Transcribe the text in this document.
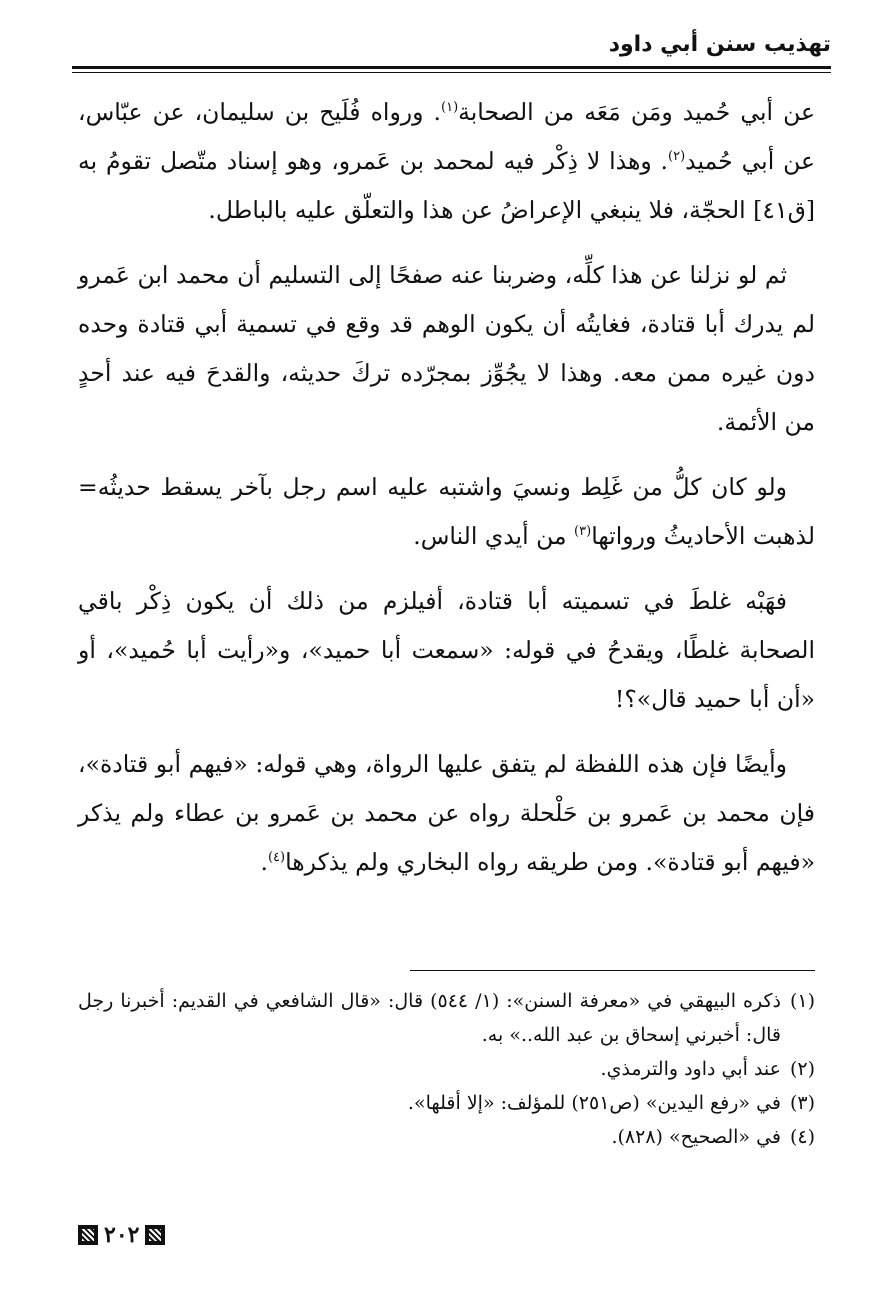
تهذيب سنن أبي داود

عن أبي حُميد ومَن مَعَه من الصحابة$^{(١)}$. ورواه فُلَيح بن سليمان، عن عبّاس، عن أبي حُميد$^{(٢)}$. وهذا لا ذِكْر فيه لمحمد بن عَمرو، وهو إسناد متّصل تقومُ به [ق٤١] الحجّة، فلا ينبغي الإعراضُ عن هذا والتعلّق عليه بالباطل.

ثم لو نزلنا عن هذا كلِّه، وضربنا عنه صفحًا إلى التسليم أن محمد ابن عَمرو لم يدرك أبا قتادة، فغايتُه أن يكون الوهم قد وقع في تسمية أبي قتادة وحده دون غيره ممن معه. وهذا لا يجُوِّز بمجرّده تركَ حديثه، والقدحَ فيه عند أحدٍ من الأئمة.

ولو كان كلُّ من غَلِط ونسيَ واشتبه عليه اسم رجل بآخر يسقط حديثُه= لذهبت الأحاديثُ ورواتها$^{(٣)}$ من أيدي الناس.

فهَبْه غلطَ في تسميته أبا قتادة، أفيلزم من ذلك أن يكون ذِكْر باقي الصحابة غلطًا، ويقدحُ في قوله: «سمعت أبا حميد»، و«رأيت أبا حُميد»، أو «أن أبا حميد قال»؟!

وأيضًا فإن هذه اللفظة لم يتفق عليها الرواة، وهي قوله: «فيهم أبو قتادة»، فإن محمد بن عَمرو بن حَلْحلة رواه عن محمد بن عَمرو بن عطاء ولم يذكر «فيهم أبو قتادة». ومن طريقه رواه البخاري ولم يذكرها$^{(٤)}$.

(١)
ذكره البيهقي في «معرفة السنن»: (١/ ٥٤٤) قال: «قال الشافعي في القديم: أخبرنا رجل قال: أخبرني إسحاق بن عبد الله..» به.
(٢)
عند أبي داود والترمذي.
(٣)
في «رفع اليدين» (ص٢٥١) للمؤلف: «إلا أقلها».
(٤)
في «الصحيح» (٨٢٨).
٢٠٢
